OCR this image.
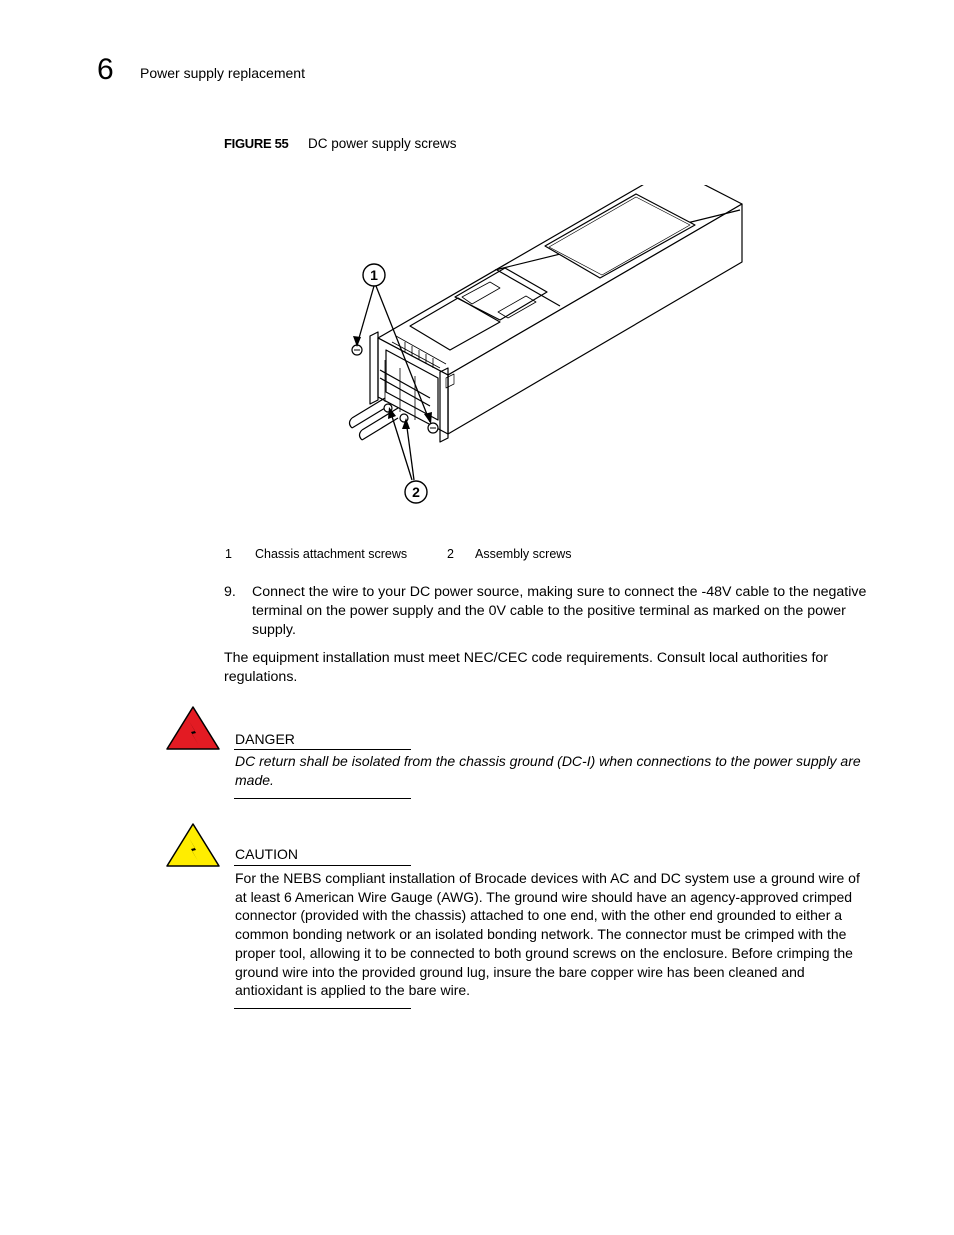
6 Power supply replacement
FIGURE 55 DC power supply screws
1
2
1 Chassis attachment screws	2 Assembly screws
9. Connect the wire to your DC power source, making sure to connect the -48V cable to the negative terminal on the power supply and the 0V cable to the positive terminal as marked on the power supply.
The equipment installation must meet NEC/CEC code requirements. Consult local authorities for regulations.
DANGER
DC return shall be isolated from the chassis ground (DC-I) when connections to the power supply are made.
CAUTION
For the NEBS compliant installation of Brocade devices with AC and DC system use a ground wire of at least 6 American Wire Gauge (AWG). The ground wire should have an agency-approved crimped connector (provided with the chassis) attached to one end, with the other end grounded to either a common bonding network or an isolated bonding network. The connector must be crimped with the proper tool, allowing it to be connected to both ground screws on the enclosure. Before crimping the ground wire into the provided ground lug, insure the bare copper wire has been cleaned and antioxidant is applied to the bare wire.
